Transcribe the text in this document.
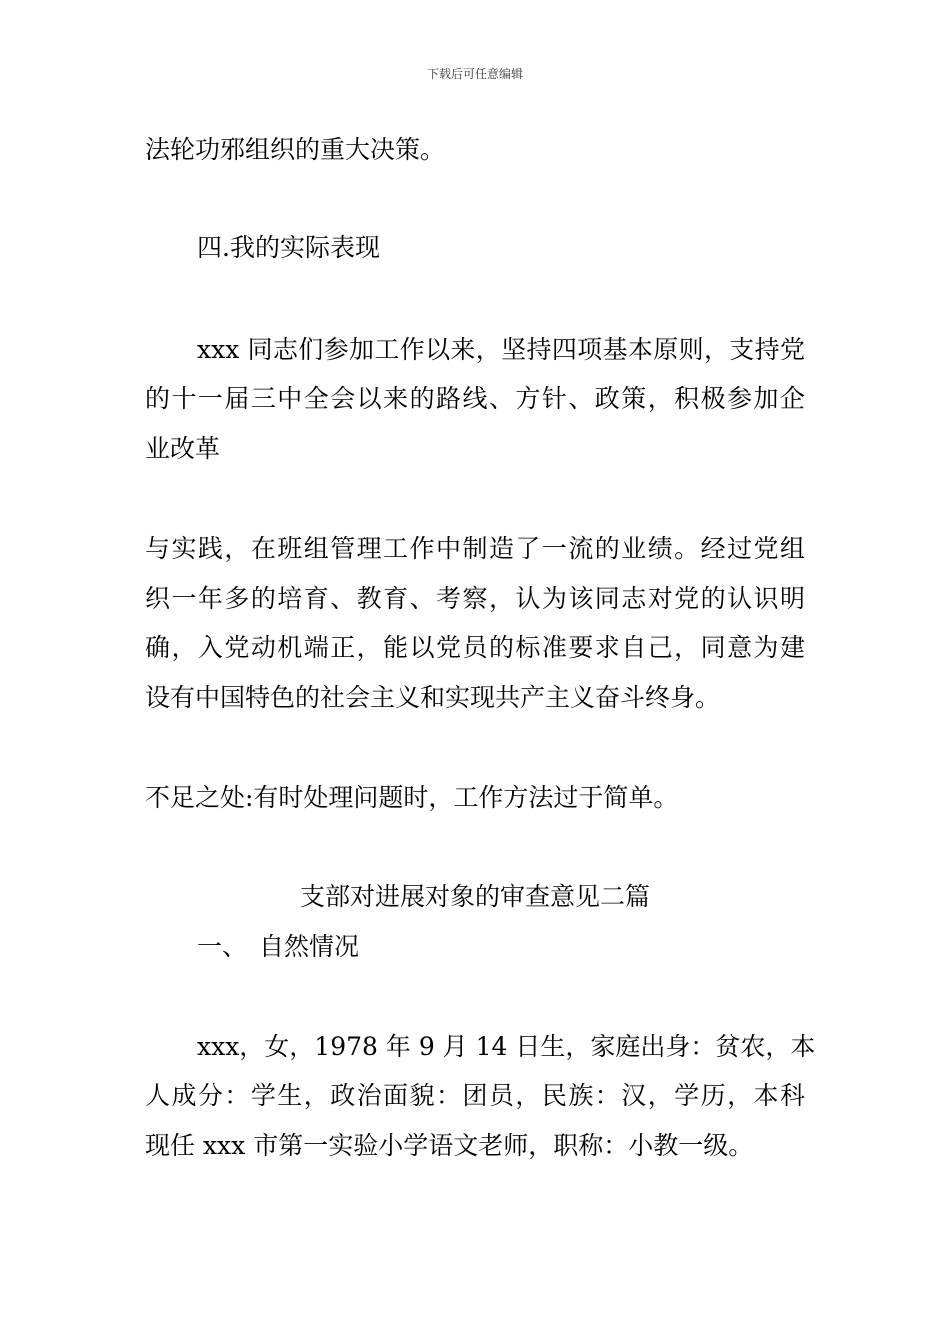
下载后可任意编辑
法轮功邪组织的重大决策。
四.我的实际表现
xxx 同志们参加工作以来，坚持四项基本原则，支持党
的十一届三中全会以来的路线、方针、政策，积极参加企
业改革
与实践，在班组管理工作中制造了一流的业绩。经过党组
织一年多的培育、教育、考察，认为该同志对党的认识明
确，入党动机端正，能以党员的标准要求自己，同意为建
设有中国特色的社会主义和实现共产主义奋斗终身。
不足之处:有时处理问题时，工作方法过于简单。
支部对进展对象的审查意见二篇
一、 自然情况
xxx，女，1978 年 9 月 14 日生，家庭出身：贫农，本
人成分：学生，政治面貌：团员，民族：汉，学历，本科
现任 xxx 市第一实验小学语文老师，职称：小教一级。
